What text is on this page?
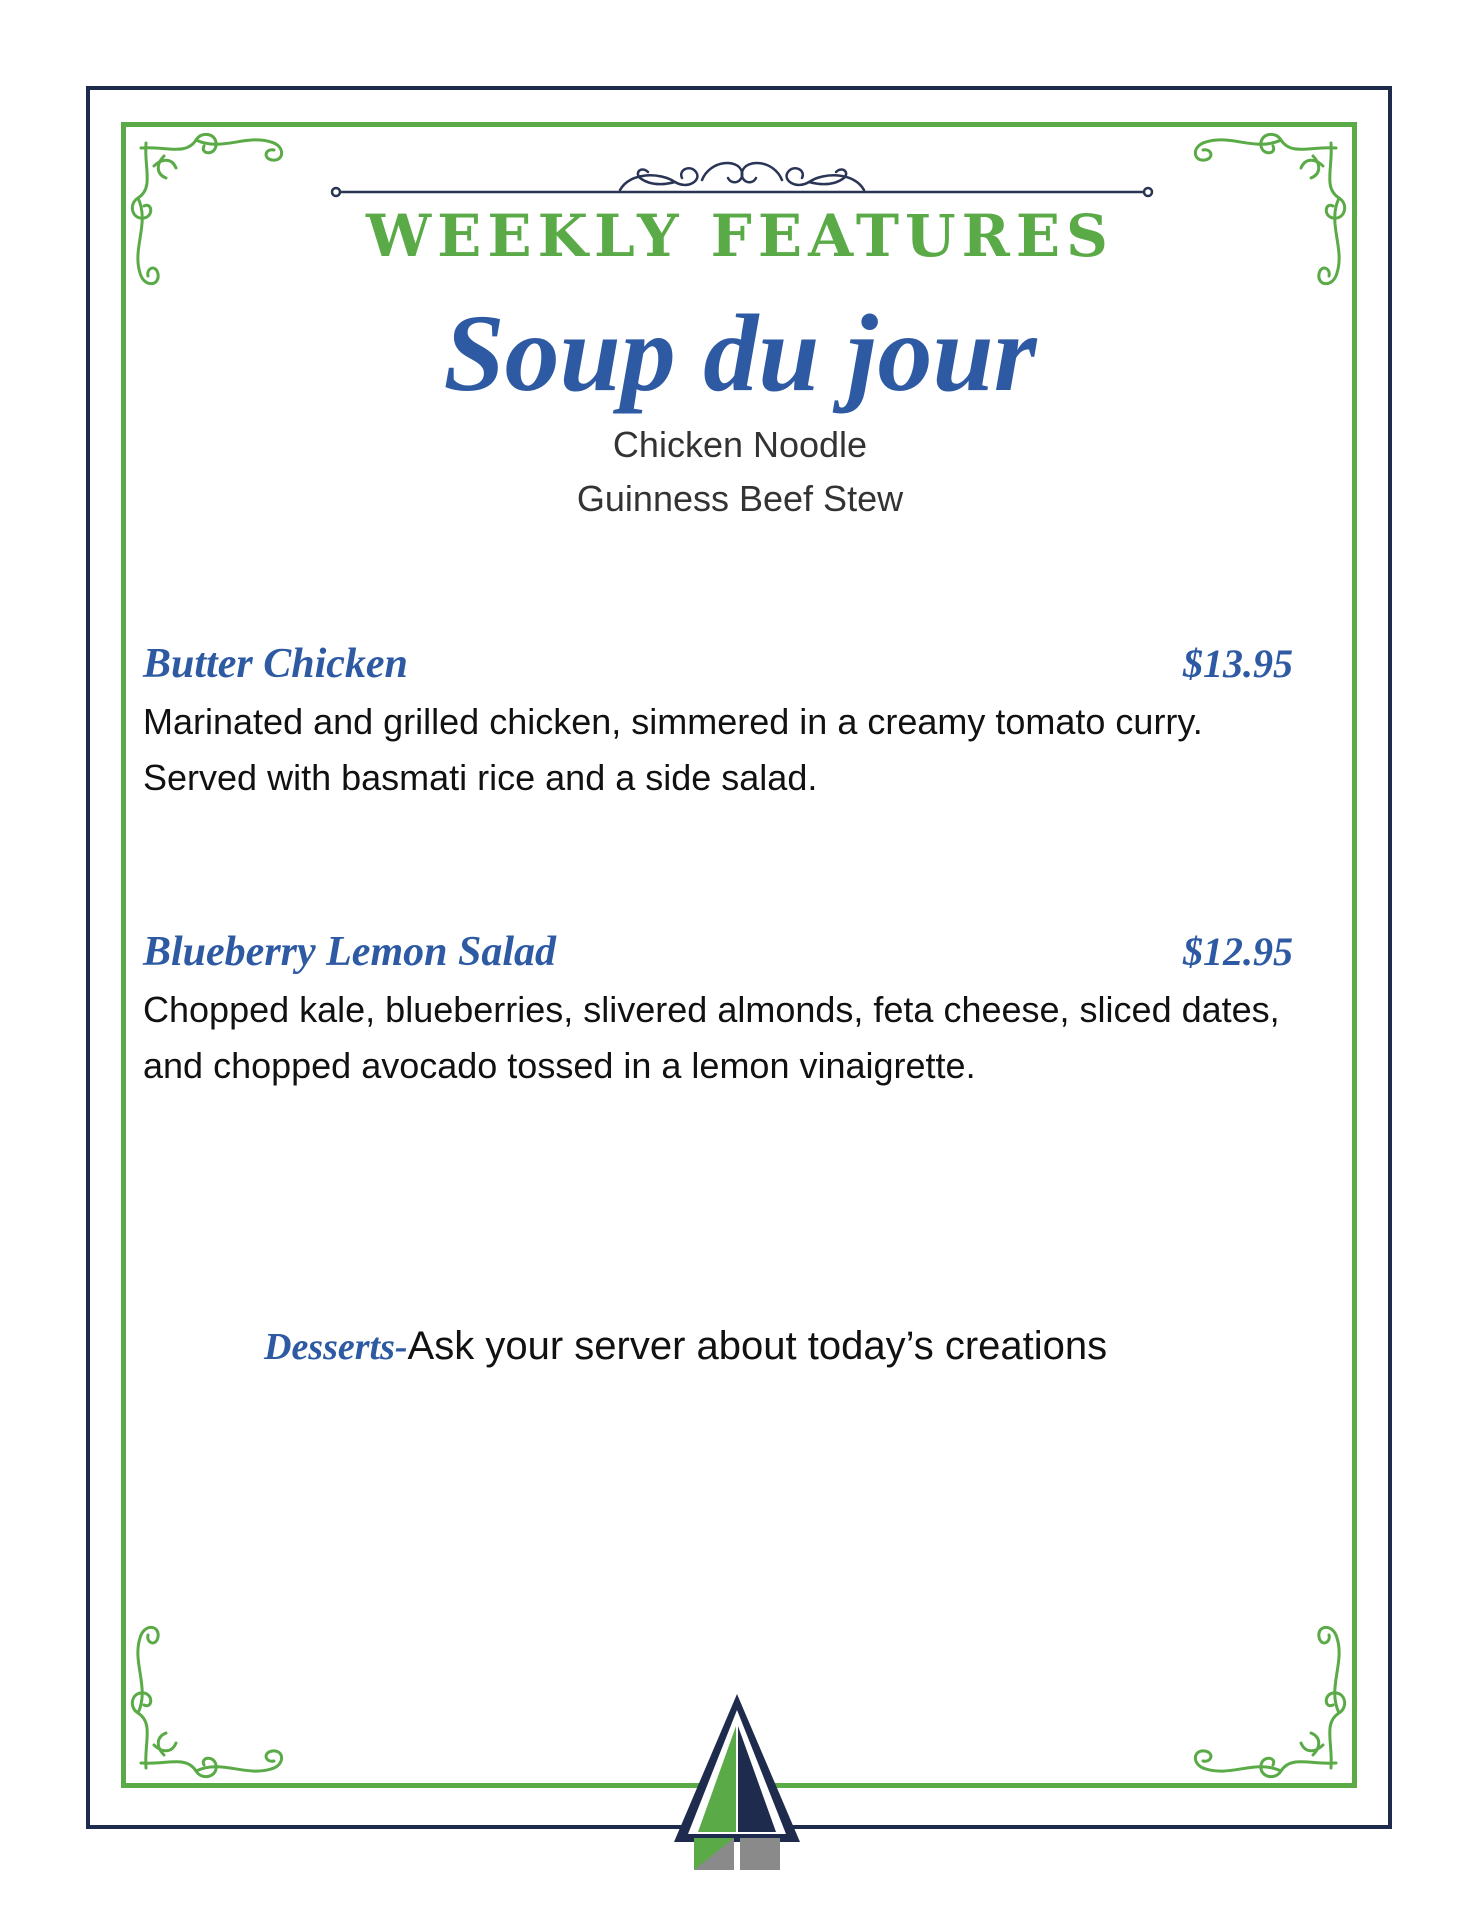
WEEKLY FEATURES
Soup du jour
Chicken Noodle
Guinness Beef Stew
Butter Chicken	$13.95
Marinated and grilled chicken, simmered in a creamy tomato curry. Served with basmati rice and a side salad.
Blueberry Lemon Salad	$12.95
Chopped kale, blueberries, slivered almonds, feta cheese, sliced dates, and chopped avocado tossed in a lemon vinaigrette.
Desserts-Ask your server about today’s creations
